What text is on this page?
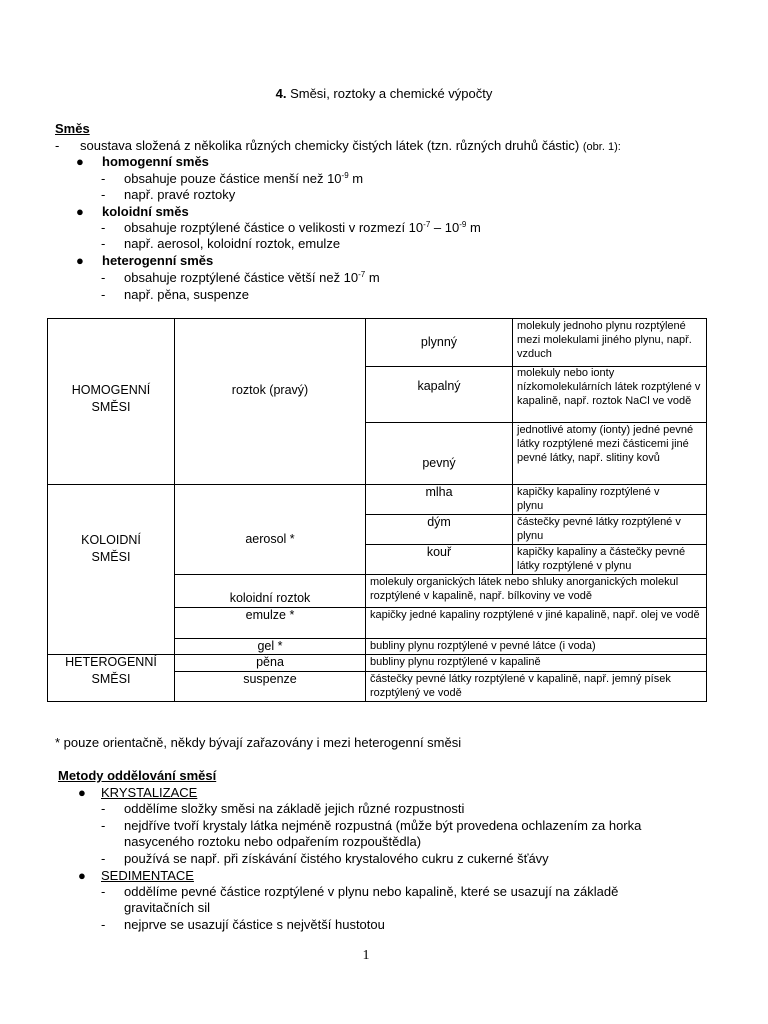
4. Směsi, roztoky a chemické výpočty
Směs
- soustava složená z několika různých chemicky čistých látek (tzn. různých druhů částic) (obr. 1):
● homogenní směs
- obsahuje pouze částice menší než $10^{-9}$ m
- např. pravé roztoky
● koloidní směs
- obsahuje rozptýlené částice o velikosti v rozmezí $10^{-7} - 10^{-9}$ m
- např. aerosol, koloidní roztok, emulze
● heterogenní směs
- obsahuje rozptýlené částice větší než $10^{-7}$ m
- např. pěna, suspenze
HOMOGENNÍ SMĚSI
KOLOIDNÍ SMĚSI
HETEROGENNÍ SMĚSI
roztok (pravý)
aerosol *
koloidní roztok
emulze *
gel *
pěna
suspenze
plynný
kapalný
pevný
mlha
dým
kouř
molekuly jednoho plynu rozptýlené mezi molekulami jiného plynu, např. vzduch
molekuly nebo ionty nízkomolekulárních látek rozptýlené v kapalině, např. roztok NaCl ve vodě
jednotlivé atomy (ionty) jedné pevné látky rozptýlené mezi částicemi jiné pevné látky, např. slitiny kovů
kapičky kapaliny rozptýlené v plynu
částečky pevné látky rozptýlené v plynu
kapičky kapaliny a částečky pevné látky rozptýlené v plynu
molekuly organických látek nebo shluky anorganických molekul rozptýlené v kapalině, např. bílkoviny ve vodě
kapičky jedné kapaliny rozptýlené v jiné kapalině, např. olej ve vodě
bubliny plynu rozptýlené v pevné látce (i voda)
bubliny plynu rozptýlené v kapalině
částečky pevné látky rozptýlené v kapalině, např. jemný písek rozptýlený ve vodě
* pouze orientačně, někdy bývají zařazovány i mezi heterogenní směsi
Metody oddělování směsí
● KRYSTALIZACE
- oddělíme složky směsi na základě jejich různé rozpustnosti
- nejdříve tvoří krystaly látka nejméně rozpustná (může být provedena ochlazením za horka
nasyceného roztoku nebo odpařením rozpouštědla)
- používá se např. při získávání čistého krystalového cukru z cukerné šťávy
● SEDIMENTACE
- oddělíme pevné částice rozptýlené v plynu nebo kapalině, které se usazují na základě
gravitačních sil
- nejprve se usazují částice s největší hustotou
1
